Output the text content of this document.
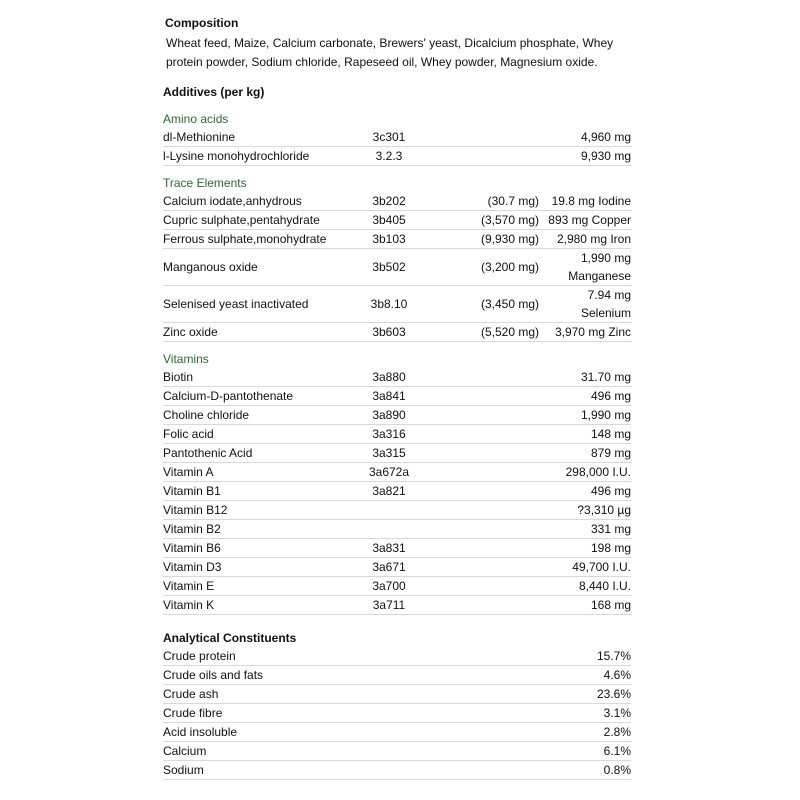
Composition

Wheat feed, Maize, Calcium carbonate, Brewers' yeast, Dicalcium phosphate, Whey protein powder, Sodium chloride, Rapeseed oil, Whey powder, Magnesium oxide.

Additives (per kg)
Amino acids
dl-Methionine	3c301		4,960 mg
l-Lysine monohydrochloride	3.2.3		9,930 mg
Trace Elements
Calcium iodate,anhydrous	3b202	(30.7 mg)	19.8 mg Iodine
Cupric sulphate,pentahydrate	3b405	(3,570 mg)	893 mg Copper
Ferrous sulphate,monohydrate	3b103	(9,930 mg)	2,980 mg Iron
Manganous oxide	3b502	(3,200 mg)	1,990 mg Manganese
Selenised yeast inactivated	3b8.10	(3,450 mg)	7.94 mg Selenium
Zinc oxide	3b603	(5,520 mg)	3,970 mg Zinc
Vitamins
Biotin	3a880		31.70 mg
Calcium-D-pantothenate	3a841		496 mg
Choline chloride	3a890		1,990 mg
Folic acid	3a316		148 mg
Pantothenic Acid	3a315		879 mg
Vitamin A	3a672a		298,000 I.U.
Vitamin B1	3a821		496 mg
Vitamin B12			?3,310 µg
Vitamin B2			331 mg
Vitamin B6	3a831		198 mg
Vitamin D3	3a671		49,700 I.U.
Vitamin E	3a700		8,440 I.U.
Vitamin K	3a711		168 mg
Analytical Constituents
Crude protein	15.7%
Crude oils and fats	4.6%
Crude ash	23.6%
Crude fibre	3.1%
Acid insoluble	2.8%
Calcium	6.1%
Sodium	0.8%
